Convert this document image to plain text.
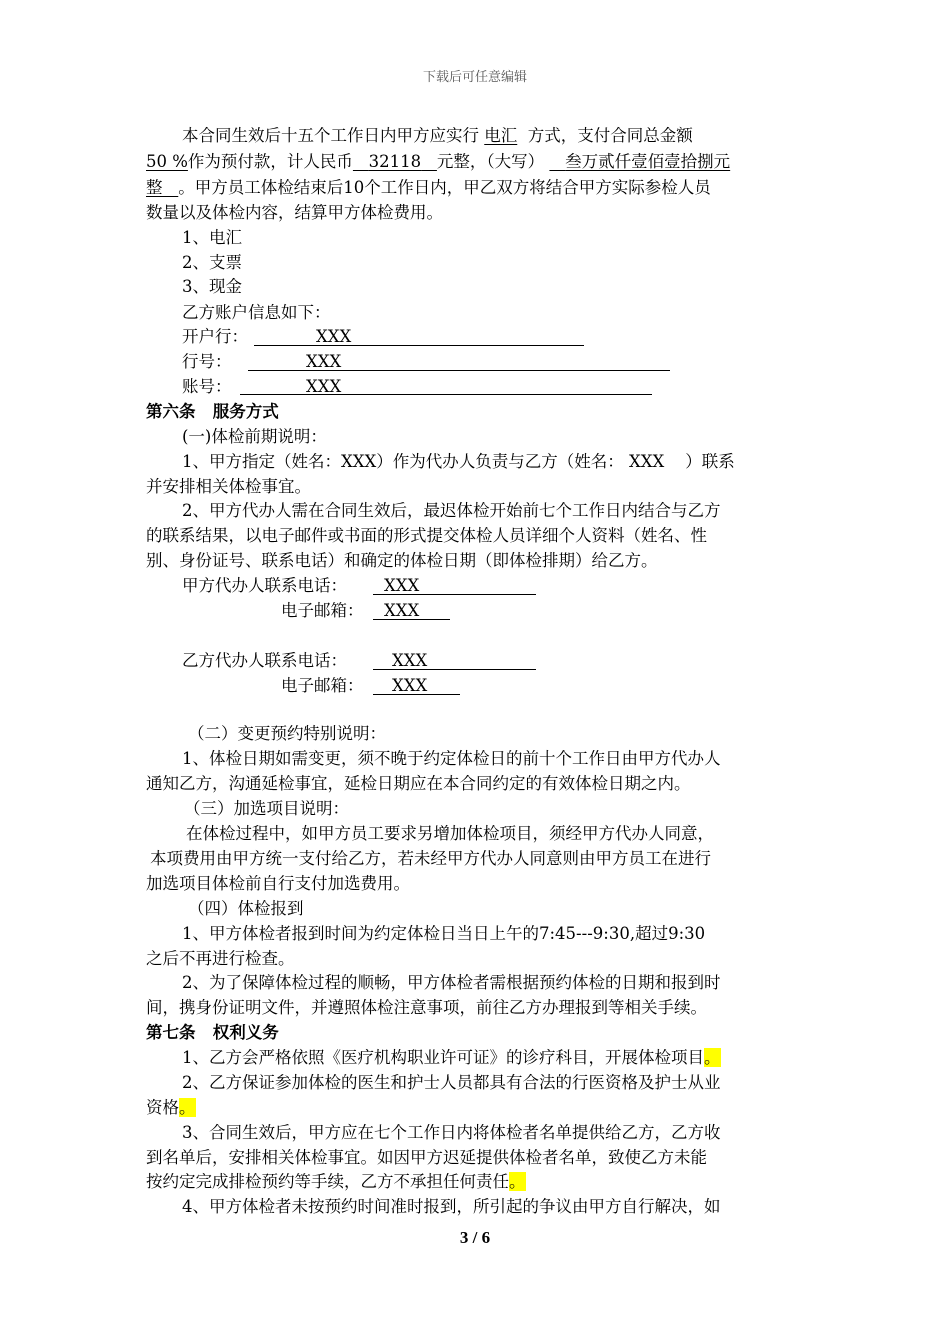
下载后可任意编辑
本合同生效后十五个工作日内甲方应实行 电汇 方式，支付合同总金额
50 %作为预付款，计人民币 32118 元整，（大写） 叁万贰仟壹佰壹拾捌元
整 。甲方员工体检结束后10个工作日内，甲乙双方将结合甲方实际参检人员
数量以及体检内容，结算甲方体检费用。
1、电汇
2、支票
3、现金
乙方账户信息如下：
开户行：	XXX
行号：	XXX
账号：	XXX
第六条   服务方式
(一)体检前期说明：
1、甲方指定（姓名：XXX）作为代办人负责与乙方（姓名： XXX ）联系
并安排相关体检事宜。
2、甲方代办人需在合同生效后，最迟体检开始前七个工作日内结合与乙方
的联系结果，以电子邮件或书面的形式提交体检人员详细个人资料（姓名、性
别、身份证号、联系电话）和确定的体检日期（即体检排期）给乙方。
甲方代办人联系电话： XXX
电子邮箱： XXX
乙方代办人联系电话：	XXX
电子邮箱： XXX
（二）变更预约特别说明：
1、体检日期如需变更，须不晚于约定体检日的前十个工作日由甲方代办人
通知乙方，沟通延检事宜，延检日期应在本合同约定的有效体检日期之内。
（三）加选项目说明：
在体检过程中，如甲方员工要求另增加体检项目，须经甲方代办人同意，
本项费用由甲方统一支付给乙方，若未经甲方代办人同意则由甲方员工在进行
加选项目体检前自行支付加选费用。
（四）体检报到
1、甲方体检者报到时间为约定体检日当日上午的7:45---9:30,超过9:30
之后不再进行检查。
2、为了保障体检过程的顺畅，甲方体检者需根据预约体检的日期和报到时
间，携身份证明文件，并遵照体检注意事项，前往乙方办理报到等相关手续。
第七条   权利义务
1、乙方会严格依照《医疗机构职业许可证》的诊疗科目，开展体检项目。
2、乙方保证参加体检的医生和护士人员都具有合法的行医资格及护士从业
资格。
3、合同生效后，甲方应在七个工作日内将体检者名单提供给乙方，乙方收
到名单后，安排相关体检事宜。如因甲方迟延提供体检者名单，致使乙方未能
按约定完成排检预约等手续，乙方不承担任何责任。
4、甲方体检者未按预约时间准时报到，所引起的争议由甲方自行解决，如
3 / 6
